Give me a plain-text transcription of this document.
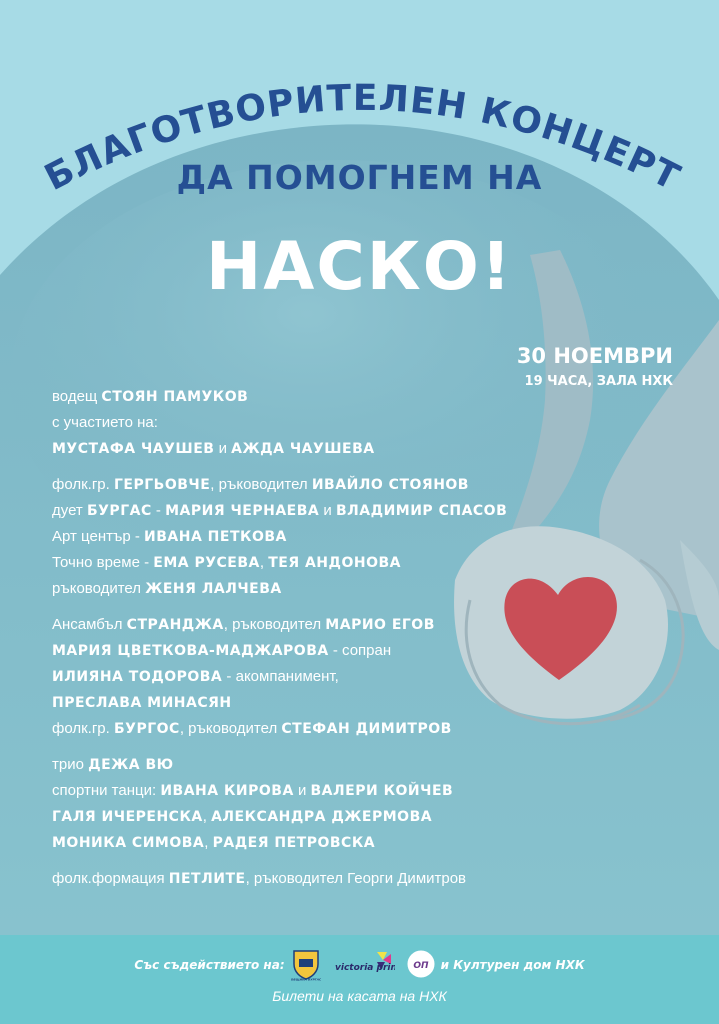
БЛАГОТВОРИТЕЛЕН КОНЦЕРТ
ДА ПОМОГНЕМ НА
НАСКО!
30 НОЕМВРИ
19 ЧАСА, ЗАЛА НХК
водещ СТОЯН ПАМУКОВ
с участието на:
МУСТАФА ЧАУШЕВ и АЖДА ЧАУШЕВА
фолк.гр. ГЕРГЬОВЧЕ, ръководител ИВАЙЛО СТОЯНОВ
дует БУРГАС - МАРИЯ ЧЕРНАЕВА и ВЛАДИМИР СПАСОВ
Арт център - ИВАНА ПЕТКОВА
Точно време - ЕМА РУСЕВА, ТЕЯ АНДОНОВА
ръководител ЖЕНЯ ЛАЛЧЕВА
Ансамбъл СТРАНДЖА, ръководител МАРИО ЕГОВ
МАРИЯ ЦВЕТКОВА-МАДЖАРОВА - сопран
ИЛИЯНА ТОДОРОВА - акомпанимент,
ПРЕСЛАВА МИНАСЯН
фолк.гр. БУРГОС, ръководител СТЕФАН ДИМИТРОВ
трио ДЕЖА ВЮ
спортни танци: ИВАНА КИРОВА и ВАЛЕРИ КОЙЧЕВ
ГАЛЯ ИЧЕРЕНСКА, АЛЕКСАНДРА ДЖЕРМОВА
МОНИКА СИМОВА, РАДЕЯ ПЕТРОВСКА
фолк.формация ПЕТЛИТЕ, ръководител Георги Димитров
Със съдействието на:
ОБЩИНА БУРГАС
victoria print ОП и Културен дом НХК
Билети на касата на НХК
